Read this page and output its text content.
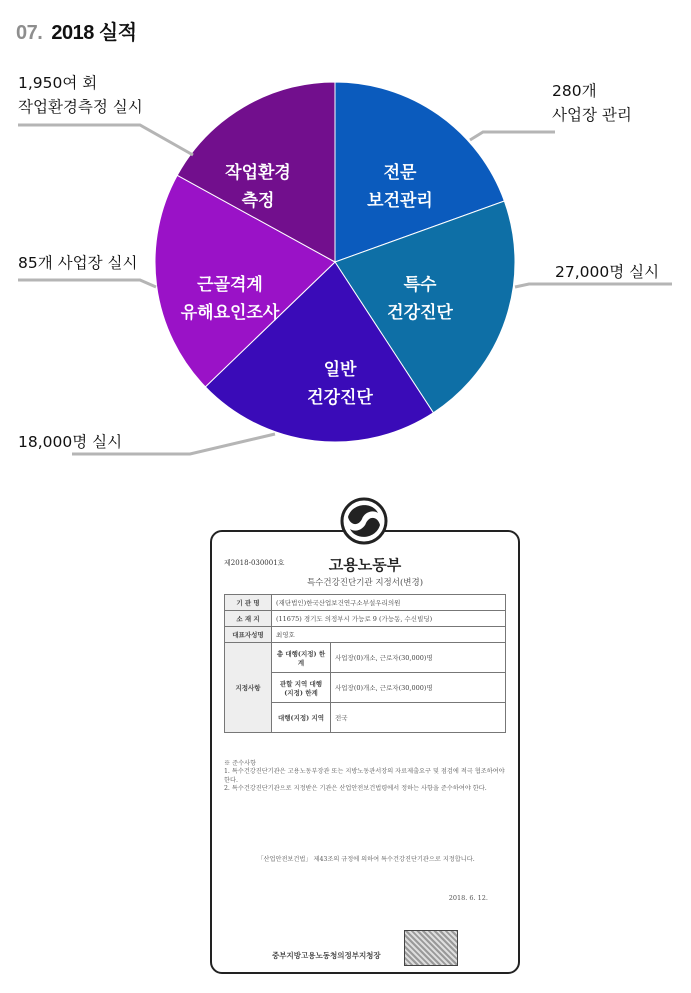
07. 2018 실적
전문 보건관리
특수 건강진단
일반 건강진단
근골격계 유해요인조사
작업환경 측정
280개 사업장 관리
27,000명 실시
18,000명 실시
85개 사업장 실시
1,950여 회 작업환경측정 실시
제2018-030001호	고용노동부
특수건강진단기관 지정서(변경)
기 관 명	(재단법인)한국산업보건연구소부설우리의원	
소 재 지	(11675) 경기도 의정부시 가능로 9 (가능동, 수신빌딩)	
대표자성명	최영호	
지정사항	총 대행(지정) 한계	사업장(0)개소, 근로자(30,000)명
	관할 지역 대행(지정) 한계	사업장(0)개소, 근로자(30,000)명
	대행(지정) 지역	전국
※ 준수사항
1. 특수건강진단기관은 고용노동부장관 또는 지방노동관서장의 자료제출요구 및 점검에 적극 협조하여야 한다.
2. 특수건강진단기관으로 지정받은 기관은 산업안전보건법령에서 정하는 사항을 준수하여야 한다.
「산업안전보건법」 제43조의 규정에 의하여 특수건강진단기관으로 지정합니다.
2018. 6. 12.
중부지방고용노동청의정부지청장
